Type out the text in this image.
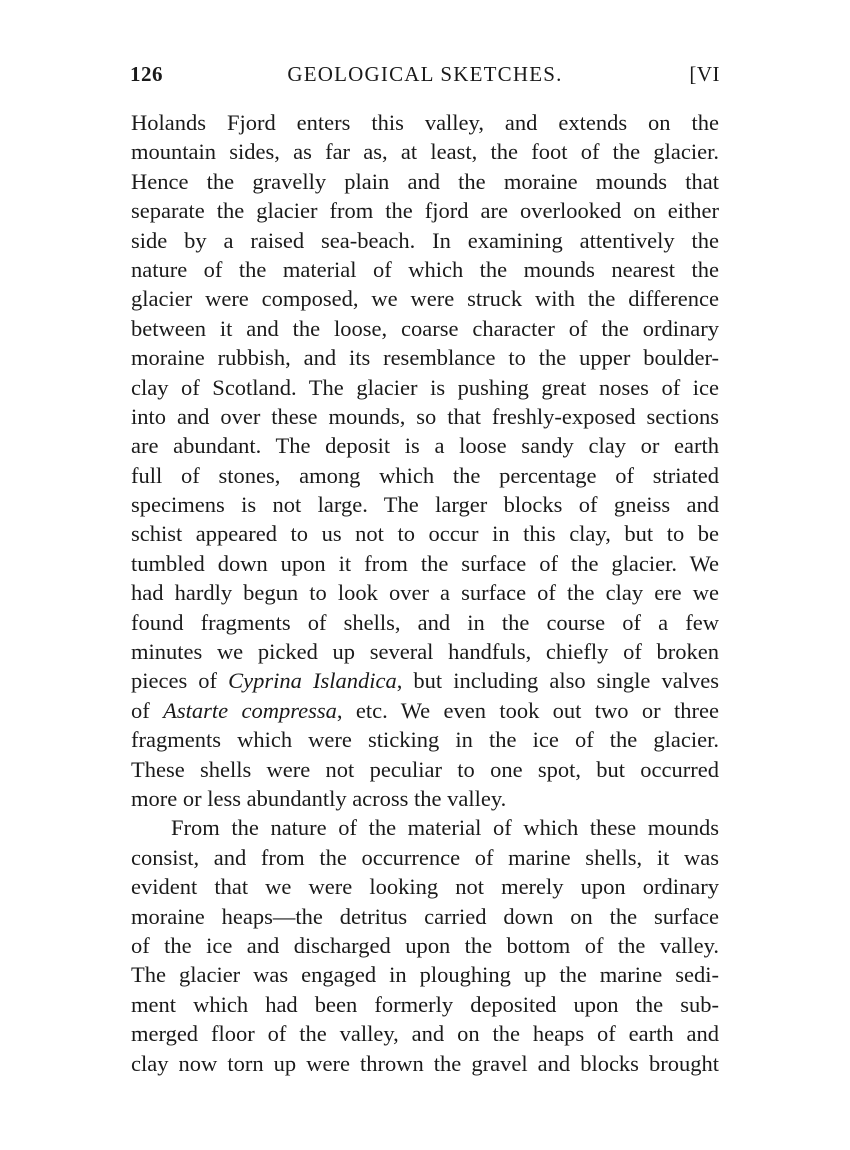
126	GEOLOGICAL SKETCHES.	[VI
Holands Fjord enters this valley, and extends on the
mountain sides, as far as, at least, the foot of the glacier.
Hence the gravelly plain and the moraine mounds that
separate the glacier from the fjord are overlooked on either
side by a raised sea-beach. In examining attentively the
nature of the material of which the mounds nearest the
glacier were composed, we were struck with the difference
between it and the loose, coarse character of the ordinary
moraine rubbish, and its resemblance to the upper boulder-
clay of Scotland. The glacier is pushing great noses of ice
into and over these mounds, so that freshly-exposed sections
are abundant. The deposit is a loose sandy clay or earth
full of stones, among which the percentage of striated
specimens is not large. The larger blocks of gneiss and
schist appeared to us not to occur in this clay, but to be
tumbled down upon it from the surface of the glacier. We
had hardly begun to look over a surface of the clay ere we
found fragments of shells, and in the course of a few
minutes we picked up several handfuls, chiefly of broken
pieces of Cyprina Islandica, but including also single valves
of Astarte compressa, etc. We even took out two or three
fragments which were sticking in the ice of the glacier.
These shells were not peculiar to one spot, but occurred
more or less abundantly across the valley.
From the nature of the material of which these mounds
consist, and from the occurrence of marine shells, it was
evident that we were looking not merely upon ordinary
moraine heaps—the detritus carried down on the surface
of the ice and discharged upon the bottom of the valley.
The glacier was engaged in ploughing up the marine sedi-
ment which had been formerly deposited upon the sub-
merged floor of the valley, and on the heaps of earth and
clay now torn up were thrown the gravel and blocks brought
